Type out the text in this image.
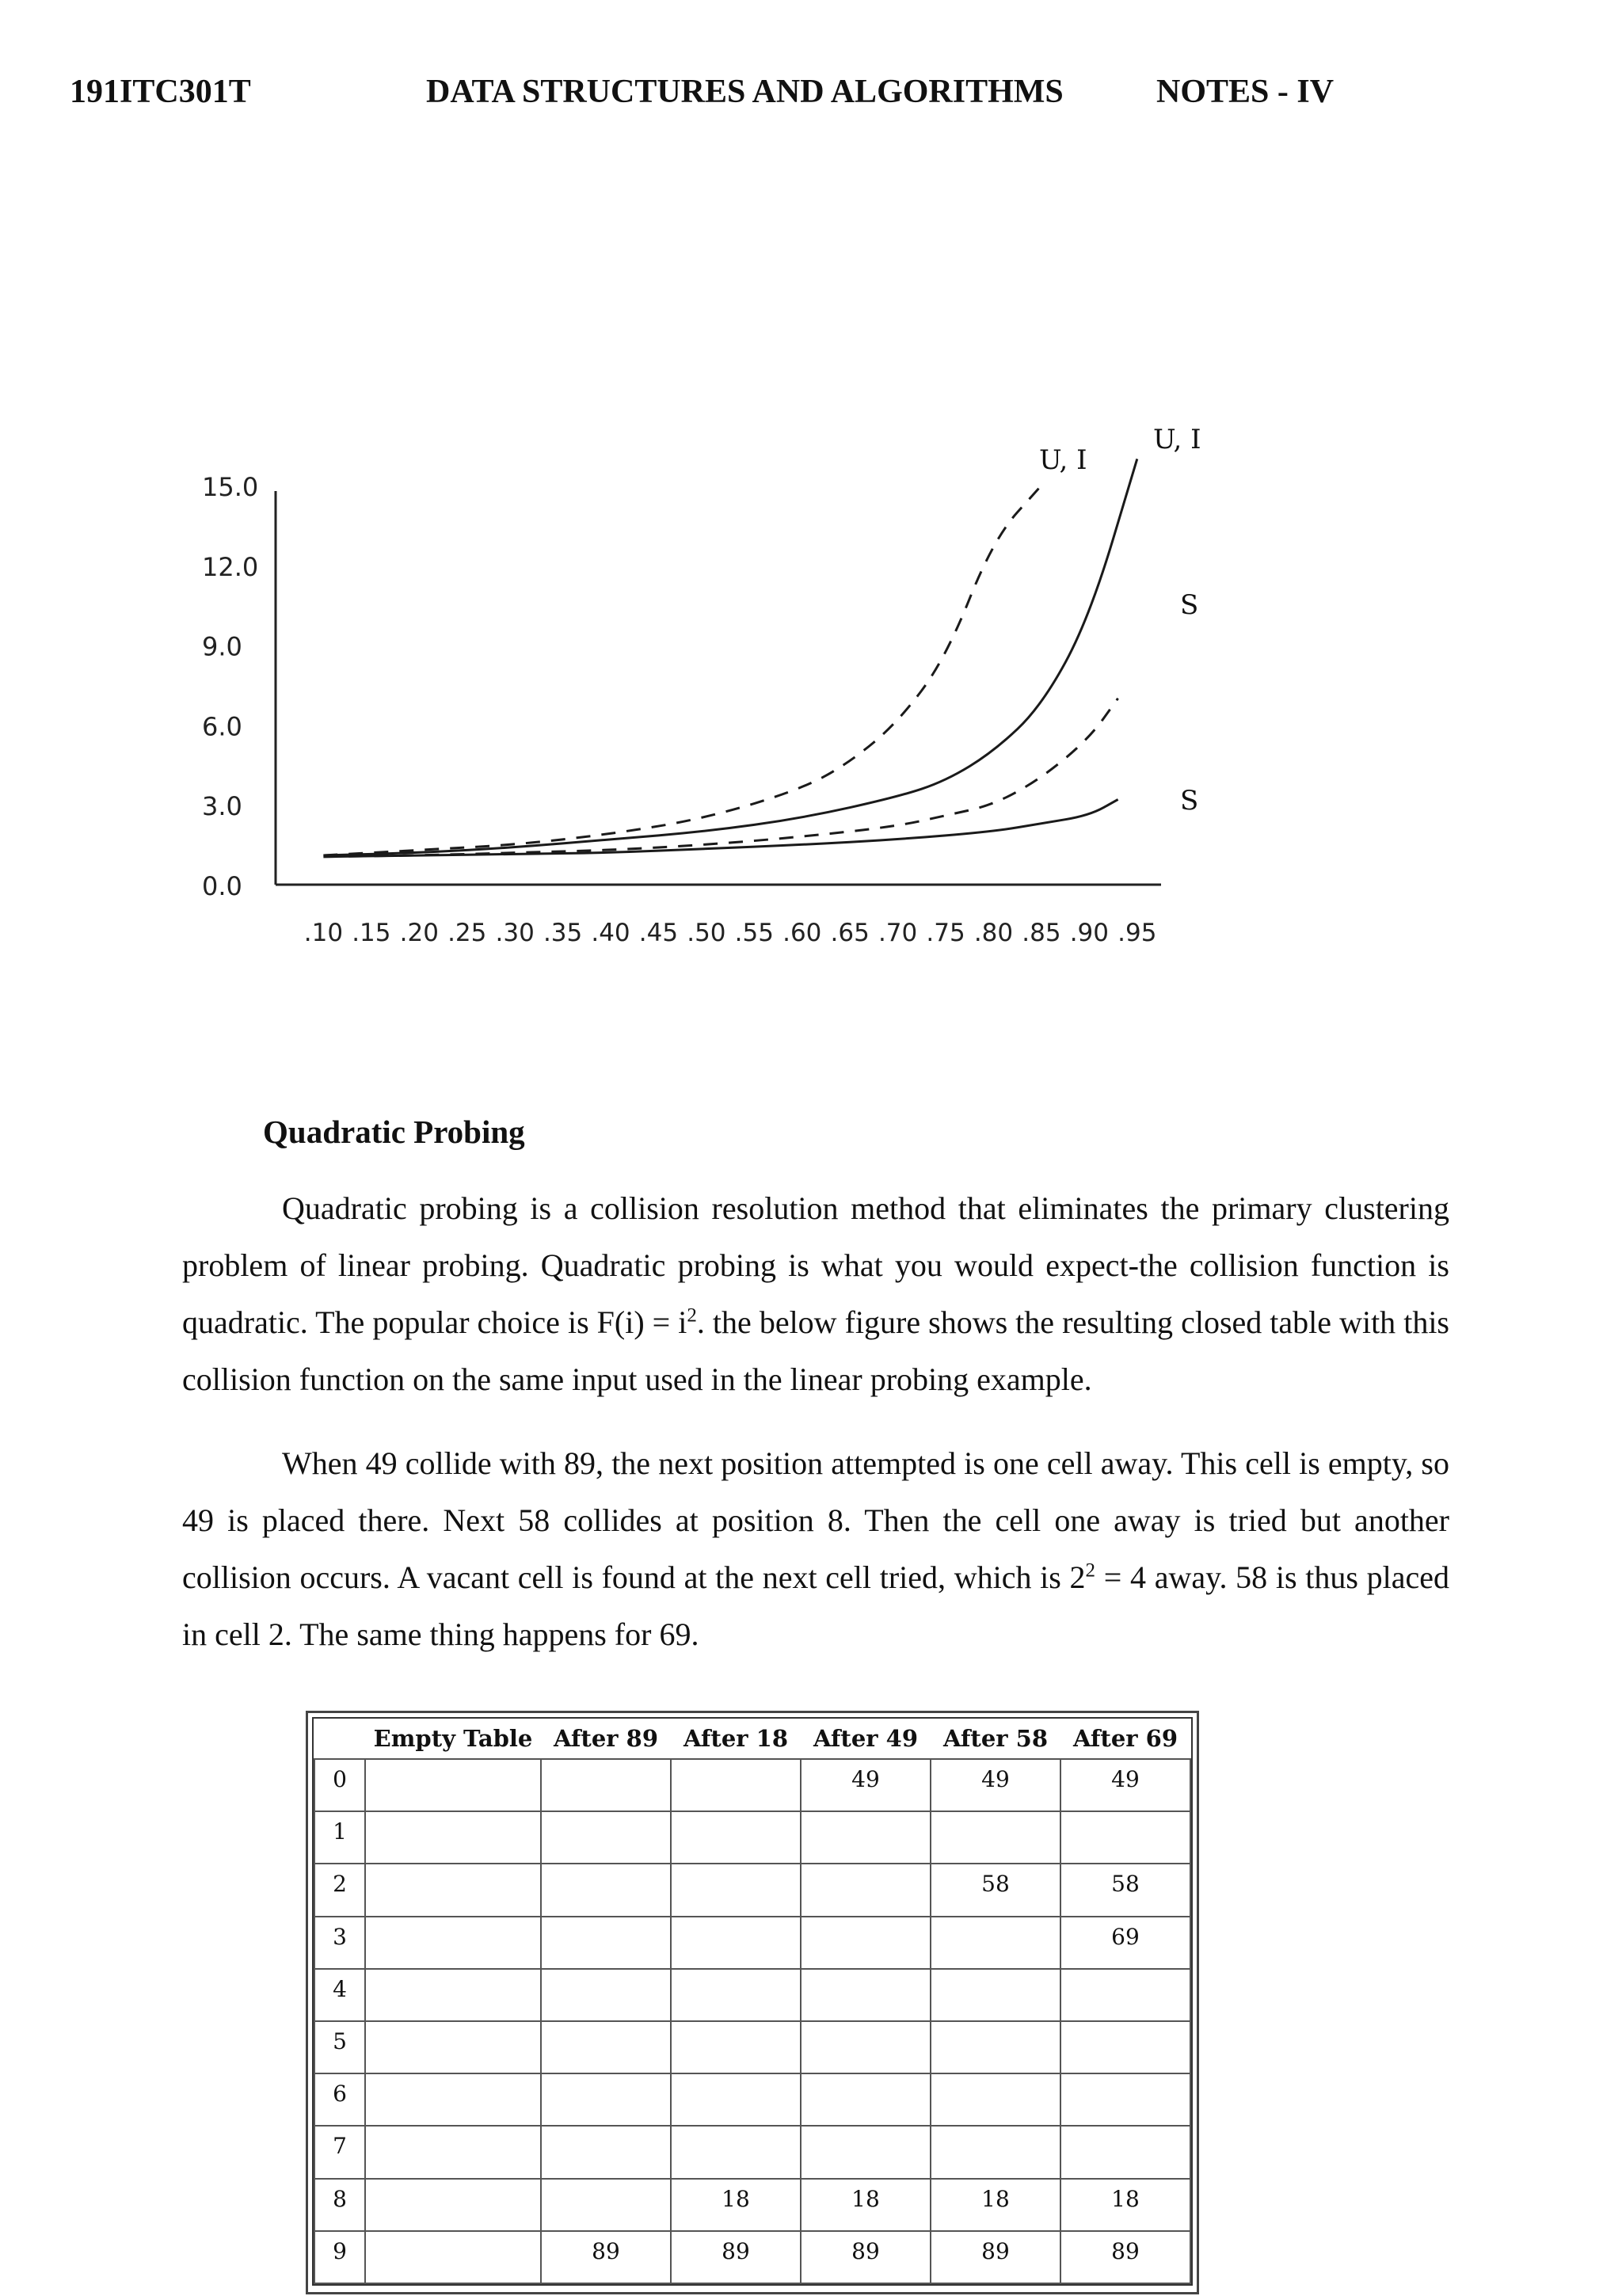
191ITC301T	DATA STRUCTURES AND ALGORITHMS	NOTES - IV
15.0
12.0
9.0
6.0
3.0
0.0
.10 .15 .20 .25 .30 .35 .40 .45 .50 .55 .60 .65 .70 .75 .80 .85 .90 .95
U, I
U, I
S
S
Quadratic Probing

Quadratic probing is a collision resolution method that eliminates the primary clustering problem of linear probing. Quadratic probing is what you would expect-the collision function is quadratic. The popular choice is $F(i) = i^2$. the below figure shows the resulting closed table with this collision function on the same input used in the linear probing example.

When 49 collide with 89, the next position attempted is one cell away. This cell is empty, so 49 is placed there. Next 58 collides at position 8. Then the cell one away is tried but another collision occurs. A vacant cell is found at the next cell tried, which is $2^2 = 4$ away. 58 is thus placed in cell 2. The same thing happens for 69.

	Empty Table	After 89	After 18	After 49	After 58	After 69
0				49	49	49
1						
2					58	58
3						69
4						
5						
6						
7						
8			18	18	18	18
9		89	89	89	89	89
